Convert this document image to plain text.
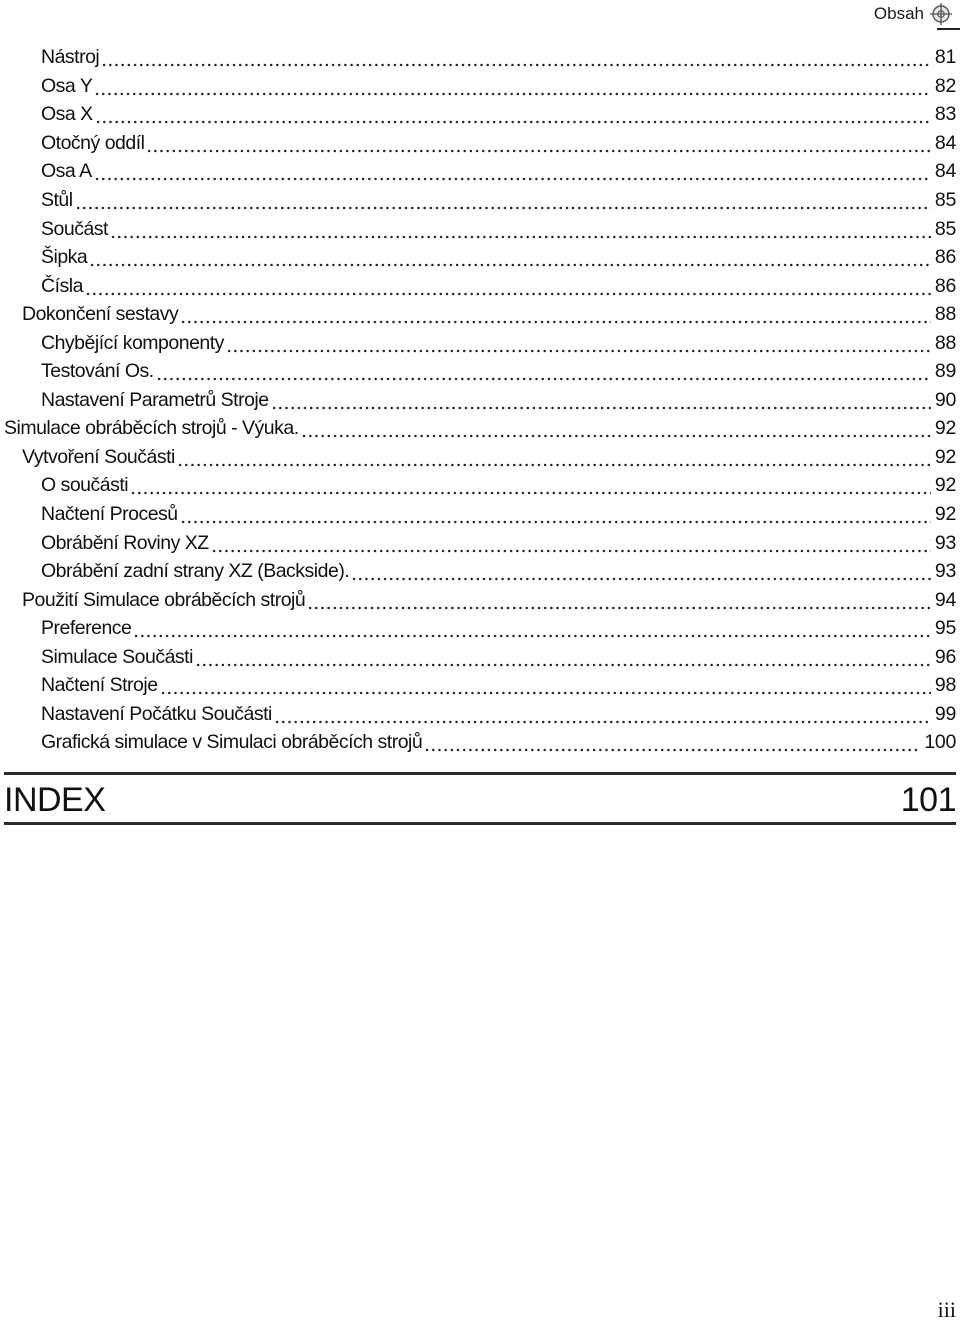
Obsah
Nástroj	81
Osa Y	82
Osa X	83
Otočný oddíl	84
Osa A	84
Stůl	85
Součást	85
Šipka	86
Čísla	86
Dokončení sestavy	88
Chybějící komponenty	88
Testování Os.	89
Nastavení Parametrů Stroje	90
Simulace obráběcích strojů - Výuka.	92
Vytvoření Součásti	92
O součásti	92
Načtení Procesů	92
Obrábění Roviny XZ	93
Obrábění zadní strany XZ (Backside).	93
Použití Simulace obráběcích strojů	94
Preference	95
Simulace Součásti	96
Načtení Stroje	98
Nastavení Počátku Součásti	99
Grafická simulace v Simulaci obráběcích strojů	100
INDEX	101
iii
